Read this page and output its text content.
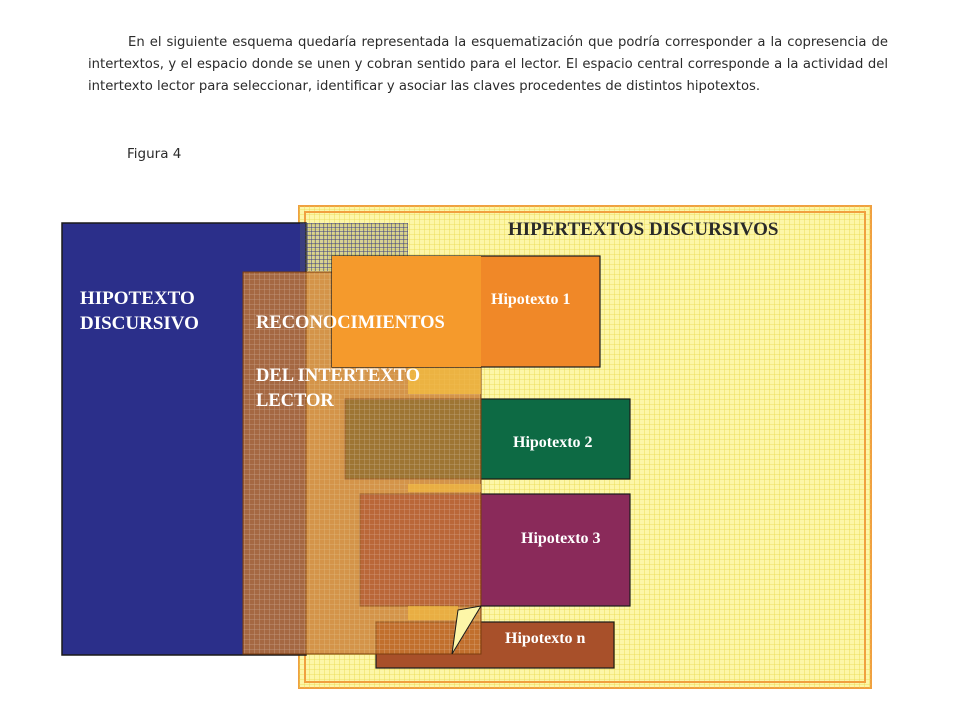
En el siguiente esquema quedaría representada la esquematización que podría corresponder a la copresencia de intertextos, y el espacio donde se unen y cobran sentido para el lector. El espacio central corresponde a la actividad del intertexto lector para seleccionar, identificar y asociar las claves procedentes de distintos hipotextos.

Figura 4
HIPERTEXTOS DISCURSIVOS
HIPOTEXTO DISCURSIVO	RECONOCIMIENTOS
DEL INTERTEXTO LECTOR
Hipotexto 1
Hipotexto 2
Hipotexto 3
Hipotexto n
